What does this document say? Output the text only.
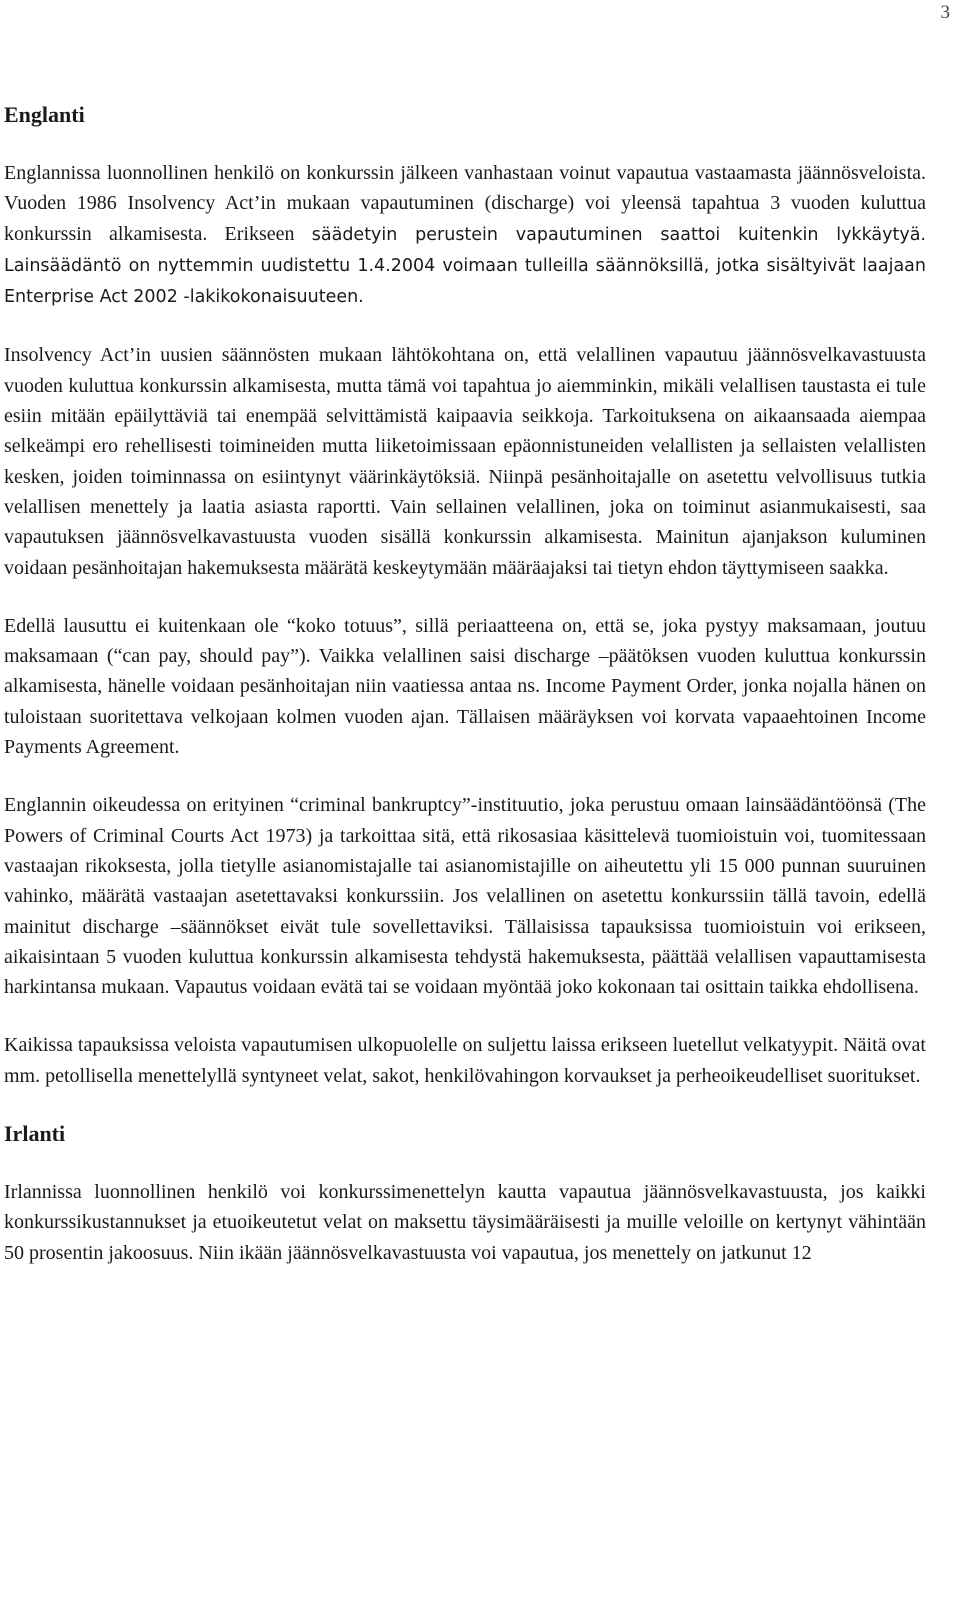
3
Englanti

Englannissa luonnollinen henkilö on konkurssin jälkeen vanhastaan voinut vapautua vastaamasta jäännösveloista. Vuoden 1986 Insolvency Act’in mukaan vapautuminen (discharge) voi yleensä tapahtua 3 vuoden kuluttua konkurssin alkamisesta. Erikseen säädetyin perustein vapautuminen saattoi kuitenkin lykkäytyä. Lainsäädäntö on nyttemmin uudistettu 1.4.2004 voimaan tulleilla säännöksillä, jotka sisältyivät laajaan Enterprise Act 2002 -lakikokonaisuuteen.

Insolvency Act’in uusien säännösten mukaan lähtökohtana on, että velallinen vapautuu jäännösvelkavastuusta vuoden kuluttua konkurssin alkamisesta, mutta tämä voi tapahtua jo aiemminkin, mikäli velallisen taustasta ei tule esiin mitään epäilyttäviä tai enempää selvittämistä kaipaavia seikkoja. Tarkoituksena on aikaansaada aiempaa selkeämpi ero rehellisesti toimineiden mutta liiketoimissaan epäonnistuneiden velallisten ja sellaisten velallisten kesken, joiden toiminnassa on esiintynyt väärinkäytöksiä. Niinpä pesänhoitajalle on asetettu velvollisuus tutkia velallisen menettely ja laatia asiasta raportti. Vain sellainen velallinen, joka on toiminut asianmukaisesti, saa vapautuksen jäännösvelkavastuusta vuoden sisällä konkurssin alkamisesta. Mainitun ajanjakson kuluminen voidaan pesänhoitajan hakemuksesta määrätä keskeytymään määräajaksi tai tietyn ehdon täyttymiseen saakka.

Edellä lausuttu ei kuitenkaan ole “koko totuus”, sillä periaatteena on, että se, joka pystyy maksamaan, joutuu maksamaan (“can pay, should pay”). Vaikka velallinen saisi discharge –päätöksen vuoden kuluttua konkurssin alkamisesta, hänelle voidaan pesänhoitajan niin vaatiessa antaa ns. Income Payment Order, jonka nojalla hänen on tuloistaan suoritettava velkojaan kolmen vuoden ajan. Tällaisen määräyksen voi korvata vapaaehtoinen Income Payments Agreement.

Englannin oikeudessa on erityinen “criminal bankruptcy”-instituutio, joka perustuu omaan lainsäädäntöönsä (The Powers of Criminal Courts Act 1973) ja tarkoittaa sitä, että rikosasiaa käsittelevä tuomioistuin voi, tuomitessaan vastaajan rikoksesta, jolla tietylle asianomistajalle tai asianomistajille on aiheutettu yli 15 000 punnan suuruinen vahinko, määrätä vastaajan asetettavaksi konkurssiin. Jos velallinen on asetettu konkurssiin tällä tavoin, edellä mainitut discharge –säännökset eivät tule sovellettaviksi. Tällaisissa tapauksissa tuomioistuin voi erikseen, aikaisintaan 5 vuoden kuluttua konkurssin alkamisesta tehdystä hakemuksesta, päättää velallisen vapauttamisesta harkintansa mukaan. Vapautus voidaan evätä tai se voidaan myöntää joko kokonaan tai osittain taikka ehdollisena.

Kaikissa tapauksissa veloista vapautumisen ulkopuolelle on suljettu laissa erikseen luetellut velkatyypit. Näitä ovat mm. petollisella menettelyllä syntyneet velat, sakot, henkilövahingon korvaukset ja perheoikeudelliset suoritukset.

Irlanti

Irlannissa luonnollinen henkilö voi konkurssimenettelyn kautta vapautua jäännösvelkavastuusta, jos kaikki konkurssikustannukset ja etuoikeutetut velat on maksettu täysimääräisesti ja muille veloille on kertynyt vähintään 50 prosentin jakoosuus. Niin ikään jäännösvelkavastuusta voi vapautua, jos menettely on jatkunut 12
